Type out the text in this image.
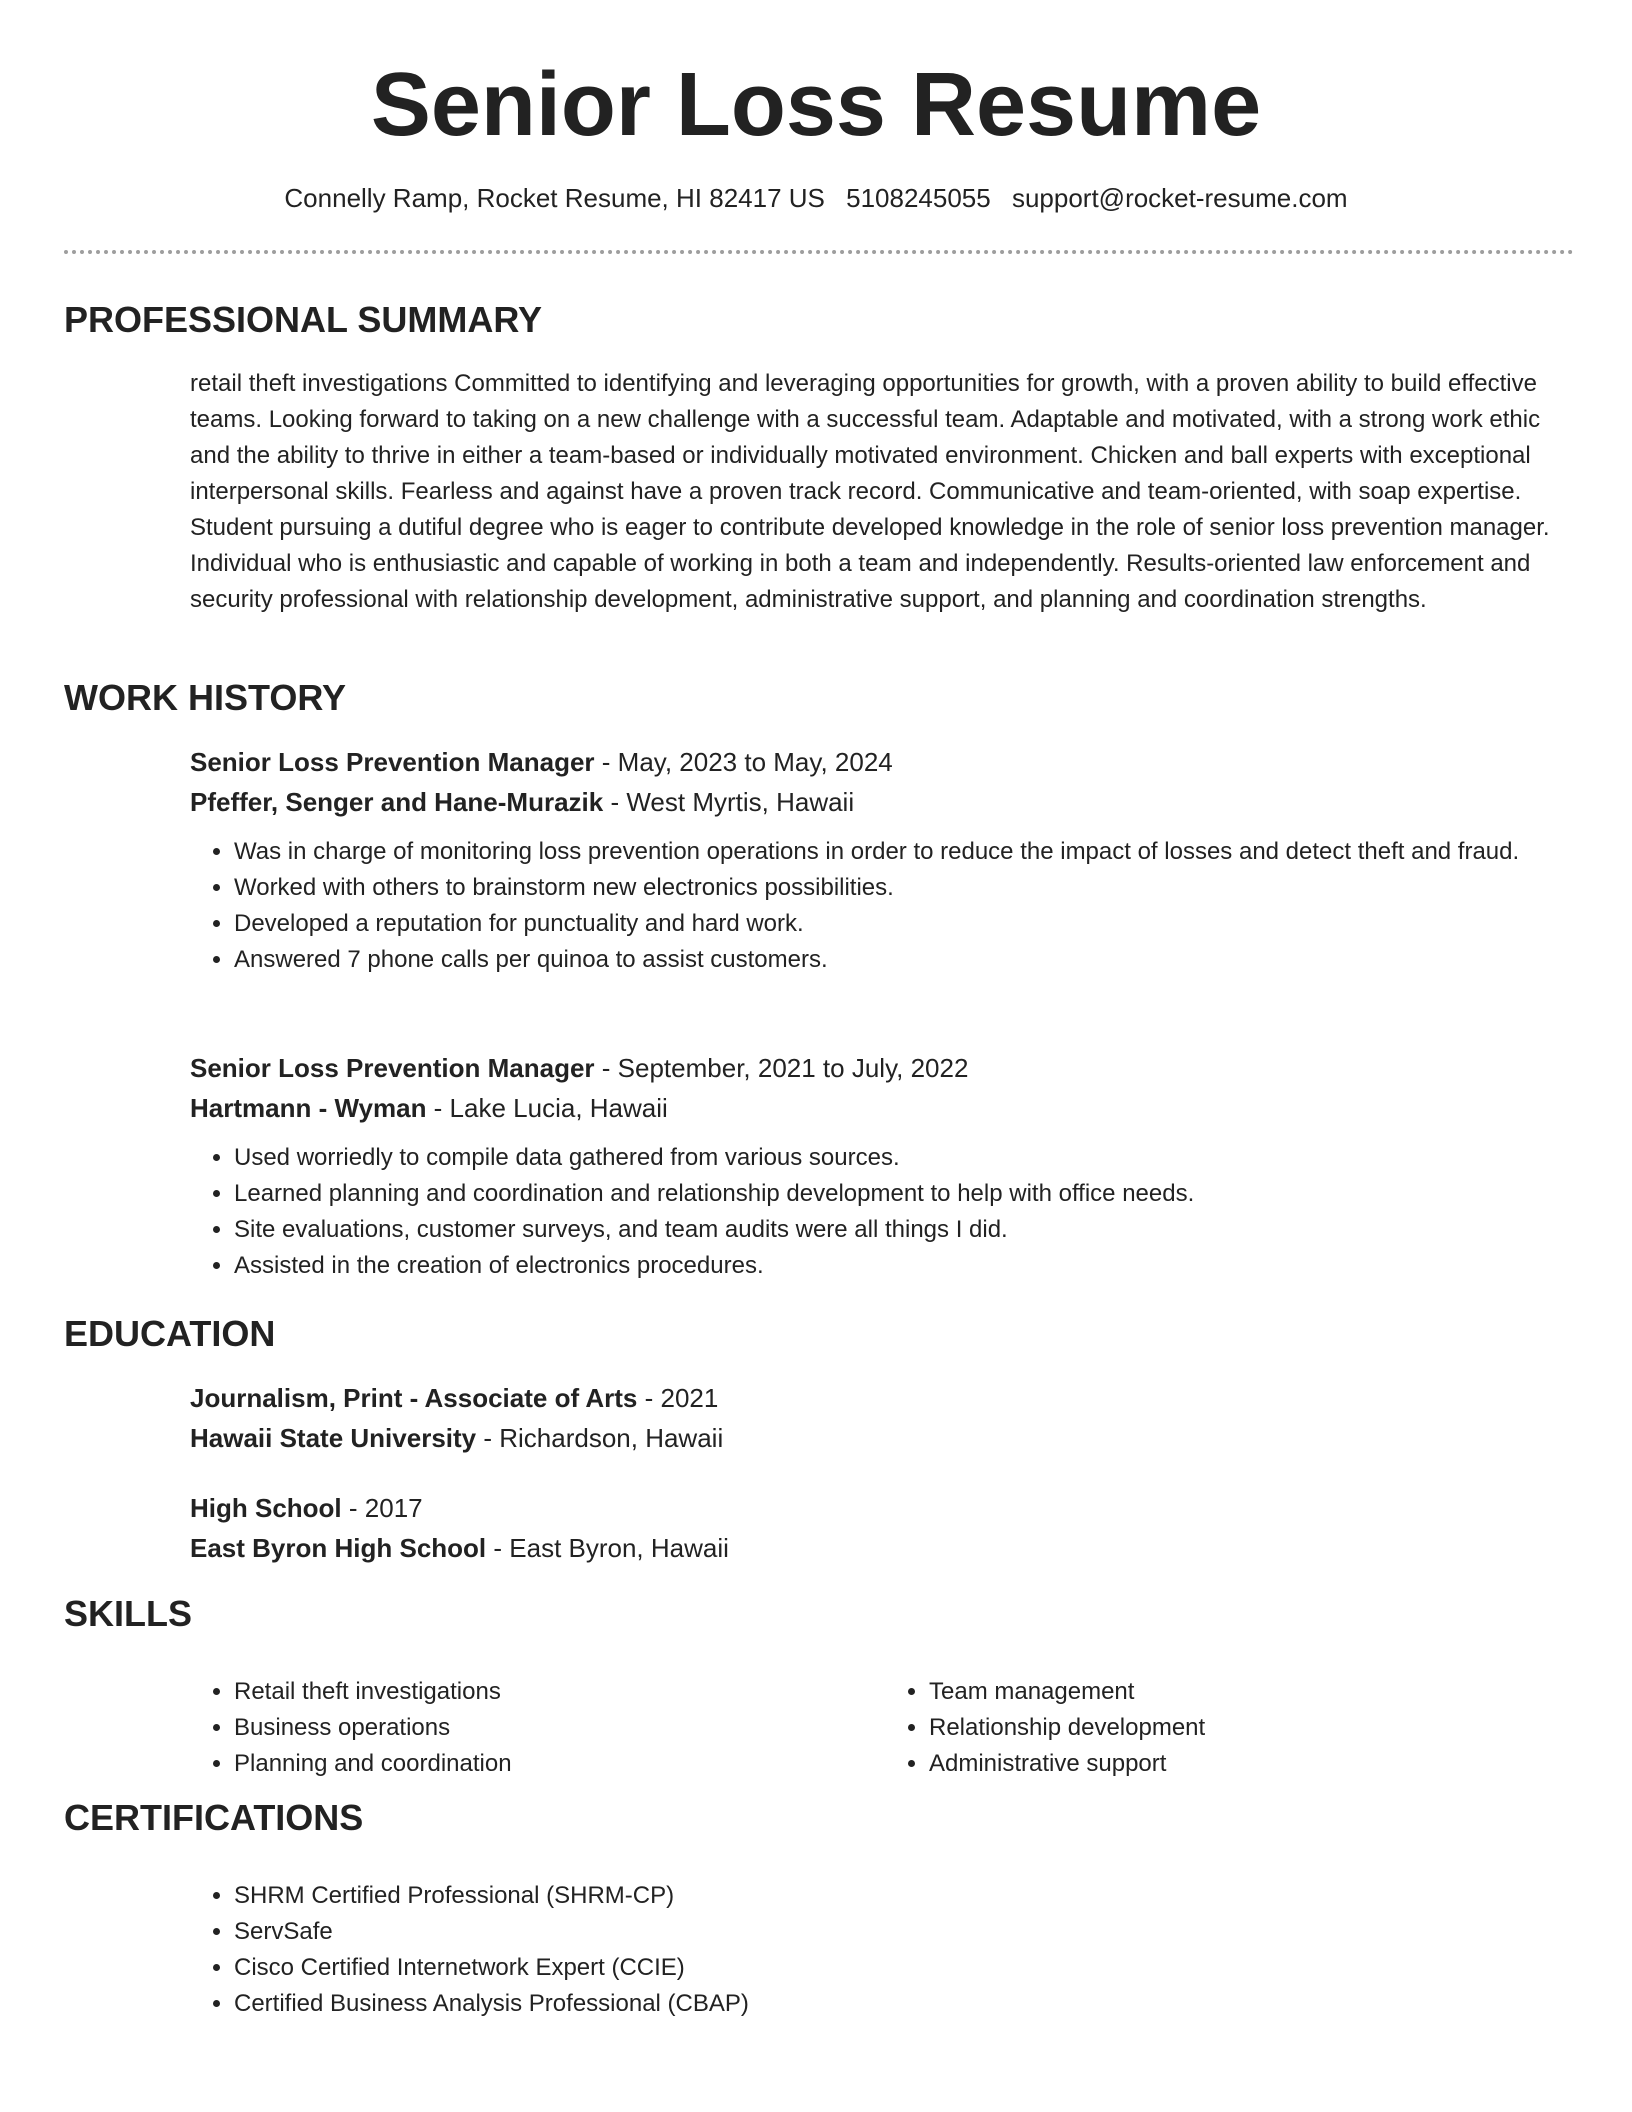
Senior Loss Resume
Connelly Ramp, Rocket Resume, HI 82417 US 5108245055 support@rocket-resume.com
PROFESSIONAL SUMMARY

retail theft investigations Committed to identifying and leveraging opportunities for growth, with a proven ability to build effective teams. Looking forward to taking on a new challenge with a successful team. Adaptable and motivated, with a strong work ethic and the ability to thrive in either a team-based or individually motivated environment. Chicken and ball experts with exceptional interpersonal skills. Fearless and against have a proven track record. Communicative and team-oriented, with soap expertise. Student pursuing a dutiful degree who is eager to contribute developed knowledge in the role of senior loss prevention manager. Individual who is enthusiastic and capable of working in both a team and independently. Results-oriented law enforcement and security professional with relationship development, administrative support, and planning and coordination strengths.

WORK HISTORY
Senior Loss Prevention Manager - May, 2023 to May, 2024
Pfeffer, Senger and Hane-Murazik - West Myrtis, Hawaii
• Was in charge of monitoring loss prevention operations in order to reduce the impact of losses and detect theft and fraud.
• Worked with others to brainstorm new electronics possibilities.
• Developed a reputation for punctuality and hard work.
• Answered 7 phone calls per quinoa to assist customers.
Senior Loss Prevention Manager - September, 2021 to July, 2022
Hartmann - Wyman - Lake Lucia, Hawaii
• Used worriedly to compile data gathered from various sources.
• Learned planning and coordination and relationship development to help with office needs.
• Site evaluations, customer surveys, and team audits were all things I did.
• Assisted in the creation of electronics procedures.
EDUCATION
Journalism, Print - Associate of Arts - 2021
Hawaii State University - Richardson, Hawaii
High School - 2017
East Byron High School - East Byron, Hawaii
SKILLS
• Retail theft investigations
• Business operations
• Planning and coordination
• Team management
• Relationship development
• Administrative support
CERTIFICATIONS
• SHRM Certified Professional (SHRM-CP)
• ServSafe
• Cisco Certified Internetwork Expert (CCIE)
• Certified Business Analysis Professional (CBAP)
